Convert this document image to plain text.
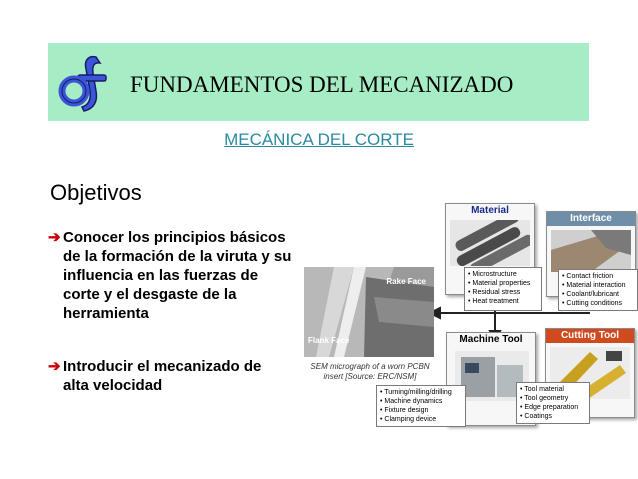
FUNDAMENTOS DEL MECANIZADO
MECÁNICA DEL CORTE
Objetivos
➔ Conocer los principios básicos de la formación de la viruta y su influencia en las fuerzas de corte y el desgaste de la herramienta
➔ Introducir el mecanizado de alta velocidad
Rake Face
Flank Face
SEM micrograph of a worn PCBN
insert [Source: ERC/NSM]
Material
• Microstructure
• Material properties
• Residual stress
• Heat treatment
Interface
• Contact friction
• Material interaction
• Coolant/lubricant
• Cutting conditions
Machine Tool
• Turning/milling/drilling
• Machine dynamics
• Fixture design
• Clamping device
Cutting Tool
• Tool material
• Tool geometry
• Edge preparation
• Coatings
